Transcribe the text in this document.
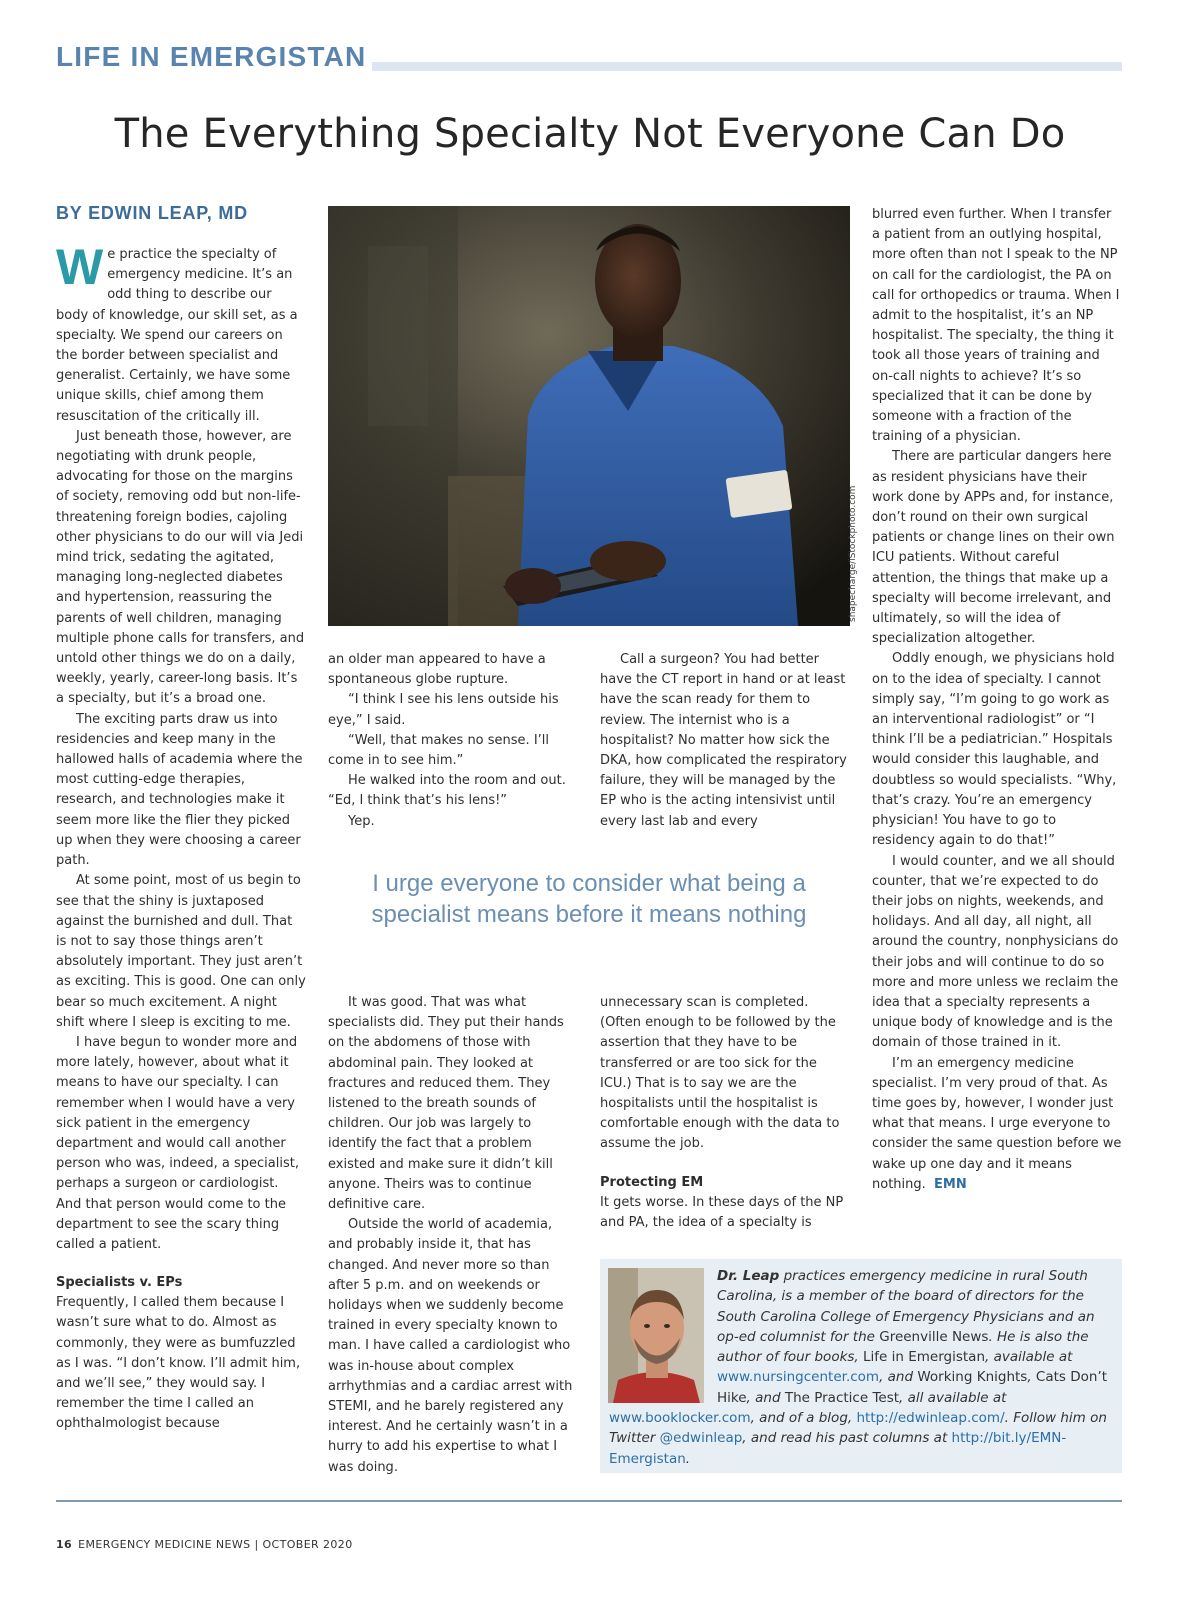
LIFE IN EMERGISTAN
The Everything Specialty Not Everyone Can Do
BY EDWIN LEAP, MD

We practice the specialty of emergency medicine. It’s an odd thing to describe our body of knowledge, our skill set, as a specialty. We spend our careers on the border between specialist and generalist. Certainly, we have some unique skills, chief among them resuscitation of the critically ill.

Just beneath those, however, are negotiating with drunk people, advocating for those on the margins of society, removing odd but non-life-threatening foreign bodies, cajoling other physicians to do our will via Jedi mind trick, sedating the agitated, managing long-neglected diabetes and hypertension, reassuring the parents of well children, managing multiple phone calls for transfers, and untold other things we do on a daily, weekly, yearly, career-long basis. It’s a specialty, but it’s a broad one.

The exciting parts draw us into residencies and keep many in the hallowed halls of academia where the most cutting-edge therapies, research, and technologies make it seem more like the flier they picked up when they were choosing a career path.

At some point, most of us begin to see that the shiny is juxtaposed against the burnished and dull. That is not to say those things aren’t absolutely important. They just aren’t as exciting. This is good. One can only bear so much excitement. A night shift where I sleep is exciting to me.

I have begun to wonder more and more lately, however, about what it means to have our specialty. I can remember when I would have a very sick patient in the emergency department and would call another person who was, indeed, a specialist, perhaps a surgeon or cardiologist. And that person would come to the department to see the scary thing called a patient.

Specialists v. EPs

Frequently, I called them because I wasn’t sure what to do. Almost as commonly, they were as bumfuzzled as I was. “I don’t know. I’ll admit him, and we’ll see,” they would say. I remember the time I called an ophthalmologist because

shapecharge/iStockphoto.com

an older man appeared to have a spontaneous globe rupture.

“I think I see his lens outside his eye,” I said.

“Well, that makes no sense. I’ll come in to see him.”

He walked into the room and out. “Ed, I think that’s his lens!”

Yep.

Call a surgeon? You had better have the CT report in hand or at least have the scan ready for them to review. The internist who is a hospitalist? No matter how sick the DKA, how complicated the respiratory failure, they will be managed by the EP who is the acting intensivist until every last lab and every

I urge everyone to consider what being a specialist means before it means nothing

It was good. That was what specialists did. They put their hands on the abdomens of those with abdominal pain. They looked at fractures and reduced them. They listened to the breath sounds of children. Our job was largely to identify the fact that a problem existed and make sure it didn’t kill anyone. Theirs was to continue definitive care.

Outside the world of academia, and probably inside it, that has changed. And never more so than after 5 p.m. and on weekends or holidays when we suddenly become trained in every specialty known to man. I have called a cardiologist who was in-house about complex arrhythmias and a cardiac arrest with STEMI, and he barely registered any interest. And he certainly wasn’t in a hurry to add his expertise to what I was doing.

unnecessary scan is completed. (Often enough to be followed by the assertion that they have to be transferred or are too sick for the ICU.) That is to say we are the hospitalists until the hospitalist is comfortable enough with the data to assume the job.

Protecting EM

It gets worse. In these days of the NP and PA, the idea of a specialty is

blurred even further. When I transfer a patient from an outlying hospital, more often than not I speak to the NP on call for the cardiologist, the PA on call for orthopedics or trauma. When I admit to the hospitalist, it’s an NP hospitalist. The specialty, the thing it took all those years of training and on-call nights to achieve? It’s so specialized that it can be done by someone with a fraction of the training of a physician.

There are particular dangers here as resident physicians have their work done by APPs and, for instance, don’t round on their own surgical patients or change lines on their own ICU patients. Without careful attention, the things that make up a specialty will become irrelevant, and ultimately, so will the idea of specialization altogether.

Oddly enough, we physicians hold on to the idea of specialty. I cannot simply say, “I’m going to go work as an interventional radiologist” or “I think I’ll be a pediatrician.” Hospitals would consider this laughable, and doubtless so would specialists. “Why, that’s crazy. You’re an emergency physician! You have to go to residency again to do that!”

I would counter, and we all should counter, that we’re expected to do their jobs on nights, weekends, and holidays. And all day, all night, all around the country, nonphysicians do their jobs and will continue to do so more and more unless we reclaim the idea that a specialty represents a unique body of knowledge and is the domain of those trained in it.

I’m an emergency medicine specialist. I’m very proud of that. As time goes by, however, I wonder just what that means. I urge everyone to consider the same question before we wake up one day and it means nothing. EMN

Dr. Leap practices emergency medicine in rural South Carolina, is a member of the board of directors for the South Carolina College of Emergency Physicians and an op-ed columnist for the Greenville News. He is also the author of four books, Life in Emergistan, available at www.nursingcenter.com, and Working Knights, Cats Don’t Hike, and The Practice Test, all available at www.booklocker.com, and of a blog, http://edwinleap.com/. Follow him on Twitter @edwinleap, and read his past columns at http://bit.ly/EMN-Emergistan.
16 EMERGENCY MEDICINE NEWS | OCTOBER 2020
